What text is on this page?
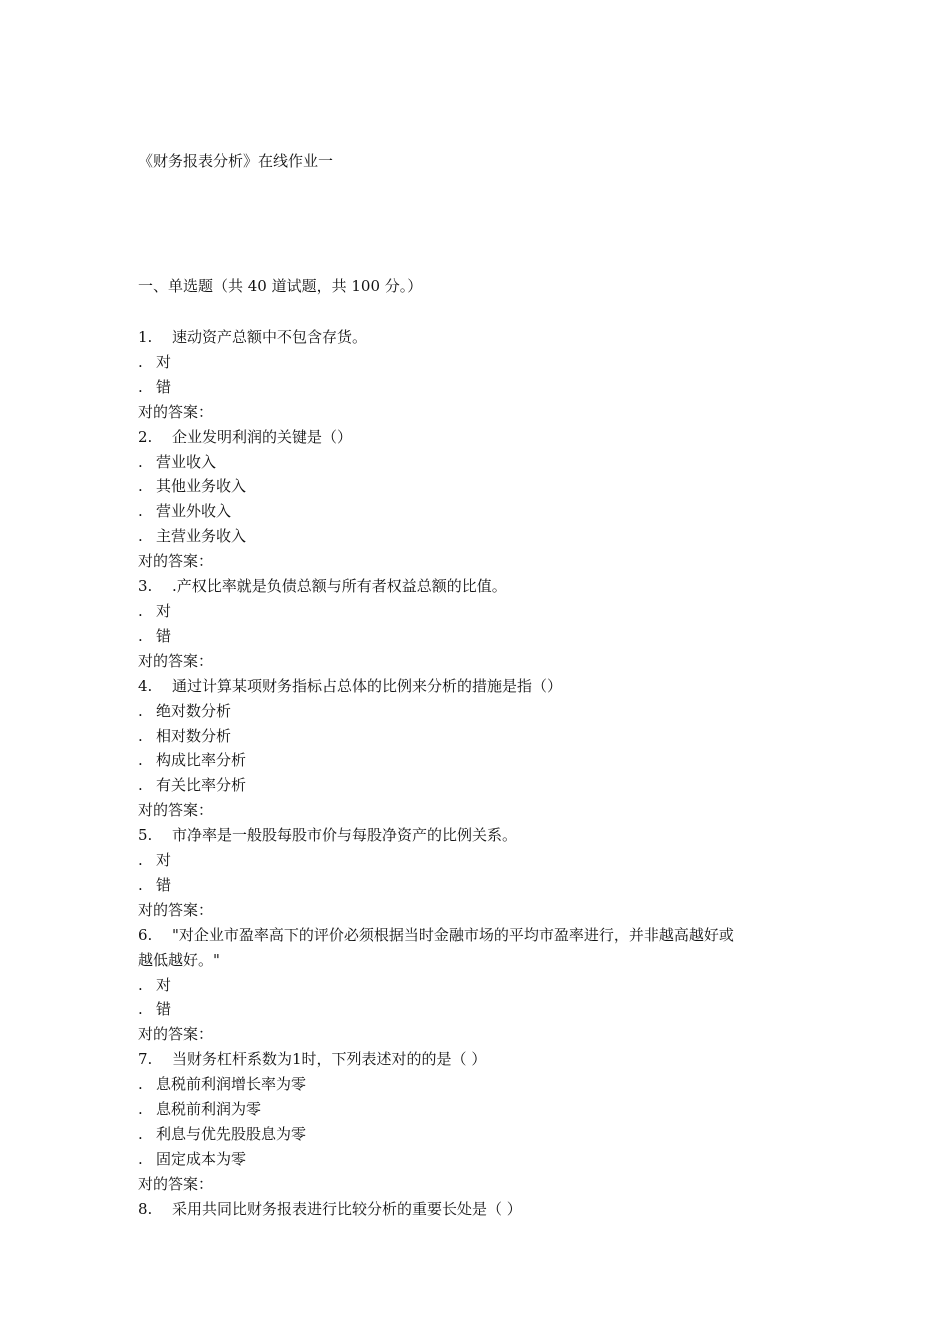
《财务报表分析》在线作业一
一、单选题（共 40 道试题，共 100 分。）
1. 速动资产总额中不包含存货。
. 对
. 错
对的答案：
2. 企业发明利润的关键是（）
. 营业收入
. 其他业务收入
. 营业外收入
. 主营业务收入
对的答案：
3. .产权比率就是负债总额与所有者权益总额的比值。
. 对
. 错
对的答案：
4. 通过计算某项财务指标占总体的比例来分析的措施是指（）
. 绝对数分析
. 相对数分析
. 构成比率分析
. 有关比率分析
对的答案：
5. 市净率是一般股每股市价与每股净资产的比例关系。
. 对
. 错
对的答案：
6. "对企业市盈率高下的评价必须根据当时金融市场的平均市盈率进行，并非越高越好或
越低越好。"
. 对
. 错
对的答案：
7. 当财务杠杆系数为1时，下列表述对的的是（ ）
. 息税前利润增长率为零
. 息税前利润为零
. 利息与优先股股息为零
. 固定成本为零
对的答案：
8. 采用共同比财务报表进行比较分析的重要长处是（ ）
